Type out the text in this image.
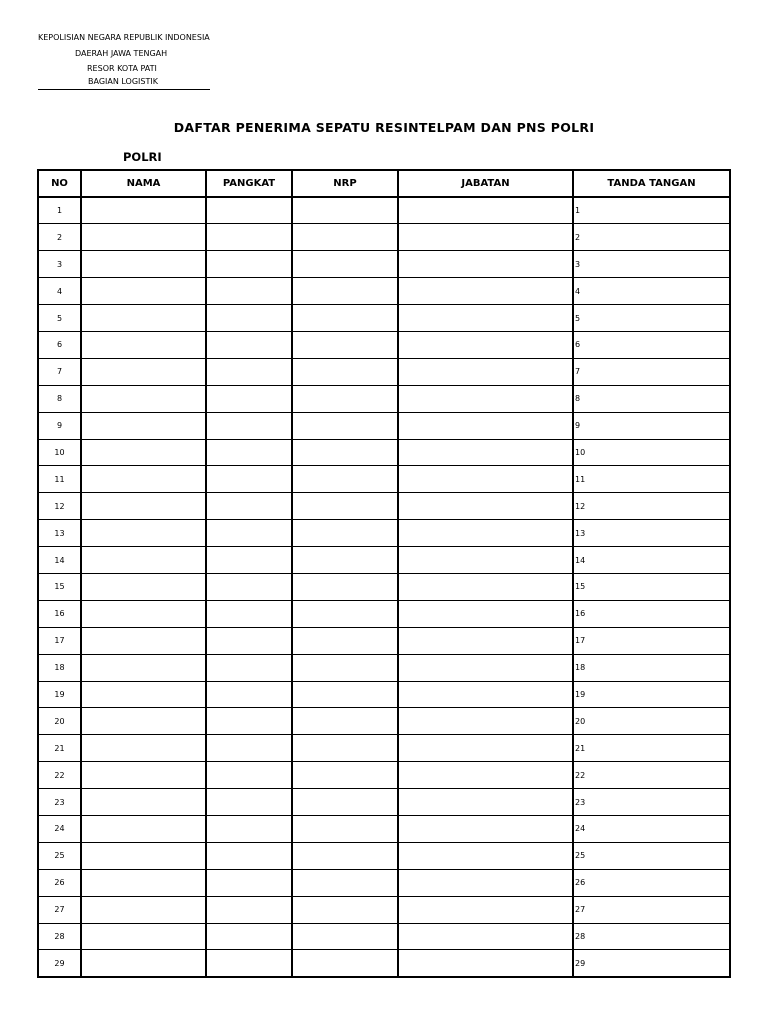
KEPOLISIAN NEGARA REPUBLIK INDONESIA
DAERAH JAWA TENGAH
RESOR KOTA PATI
BAGIAN LOGISTIK
DAFTAR PENERIMA SEPATU RESINTELPAM DAN PNS POLRI
POLRI
NO	NAMA	PANGKAT	NRP	JABATAN	TANDA TANGAN
1					1
2					2
3					3
4					4
5					5
6					6
7					7
8					8
9					9
10					10
11					11
12					12
13					13
14					14
15					15
16					16
17					17
18					18
19					19
20					20
21					21
22					22
23					23
24					24
25					25
26					26
27					27
28					28
29					29
